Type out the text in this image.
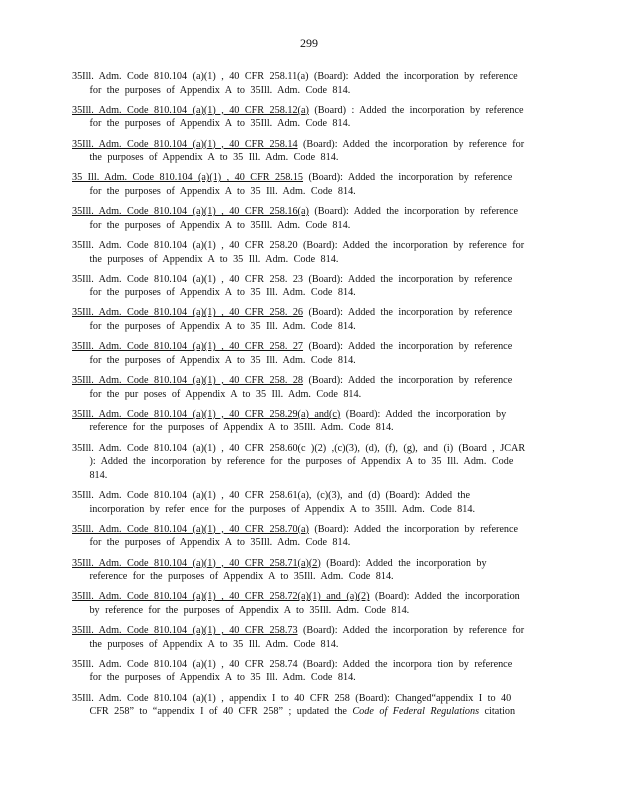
299

35Ill. Adm. Code 810.104 (a)(1) , 40 CFR 258.11(a) (Board): Added the incorporation by reference for the purposes of Appendix A to 35Ill. Adm. Code 814.

35Ill. Adm. Code 810.104 (a)(1) , 40 CFR 258.12(a) (Board) : Added the incorporation by reference for the purposes of Appendix A to 35Ill. Adm. Code 814.

35Ill. Adm. Code 810.104 (a)(1) , 40 CFR 258.14 (Board): Added the incorporation by reference for the purposes of Appendix A to 35 Ill. Adm. Code 814.

35 Ill. Adm. Code 810.104 (a)(1) , 40 CFR 258.15 (Board): Added the incorporation by reference for the purposes of Appendix A to 35 Ill. Adm. Code 814.

35Ill. Adm. Code 810.104 (a)(1) , 40 CFR 258.16(a) (Board): Added the incorporation by reference for the purposes of Appendix A to 35Ill. Adm. Code 814.

35Ill. Adm. Code 810.104 (a)(1) , 40 CFR 258.20 (Board): Added the incorporation by reference for the purposes of Appendix A to 35 Ill. Adm. Code 814.

35Ill. Adm. Code 810.104 (a)(1) , 40 CFR 258. 23 (Board): Added the incorporation by reference for the purposes of Appendix A to 35 Ill. Adm. Code 814.

35Ill. Adm. Code 810.104 (a)(1) , 40 CFR 258. 26 (Board): Added the incorporation by reference for the purposes of Appendix A to 35 Ill. Adm. Code 814.

35Ill. Adm. Code 810.104 (a)(1) , 40 CFR 258. 27 (Board): Added the incorporation by reference for the purposes of Appendix A to 35 Ill. Adm. Code 814.

35Ill. Adm. Code 810.104 (a)(1) , 40 CFR 258. 28 (Board): Added the incorporation by reference for the pur poses of Appendix A to 35 Ill. Adm. Code 814.

35Ill. Adm. Code 810.104 (a)(1) , 40 CFR 258.29(a) and(c) (Board): Added the incorporation by reference for the purposes of Appendix A to 35Ill. Adm. Code 814.

35Ill. Adm. Code 810.104 (a)(1) , 40 CFR 258.60(c )(2) ,(c)(3), (d), (f), (g), and (i) (Board , JCAR ): Added the incorporation by reference for the purposes of Appendix A to 35 Ill. Adm. Code 814.

35Ill. Adm. Code 810.104 (a)(1) , 40 CFR 258.61(a), (c)(3), and (d) (Board): Added the incorporation by refer ence for the purposes of Appendix A to 35Ill. Adm. Code 814.

35Ill. Adm. Code 810.104 (a)(1) , 40 CFR 258.70(a) (Board): Added the incorporation by reference for the purposes of Appendix A to 35Ill. Adm. Code 814.

35Ill. Adm. Code 810.104 (a)(1) , 40 CFR 258.71(a)(2) (Board): Added the incorporation by reference for the purposes of Appendix A to 35Ill. Adm. Code 814.

35Ill. Adm. Code 810.104 (a)(1) , 40 CFR 258.72(a)(1) and (a)(2) (Board): Added the incorporation by reference for the purposes of Appendix A to 35Ill. Adm. Code 814.

35Ill. Adm. Code 810.104 (a)(1) , 40 CFR 258.73 (Board): Added the incorporation by reference for the purposes of Appendix A to 35 Ill. Adm. Code 814.

35Ill. Adm. Code 810.104 (a)(1) , 40 CFR 258.74 (Board): Added the incorpora tion by reference for the purposes of Appendix A to 35 Ill. Adm. Code 814.

35Ill. Adm. Code 810.104 (a)(1) , appendix I to 40 CFR 258 (Board): Changed“appendix I to 40 CFR 258” to “appendix I of 40 CFR 258” ; updated the Code of Federal Regulations citation
